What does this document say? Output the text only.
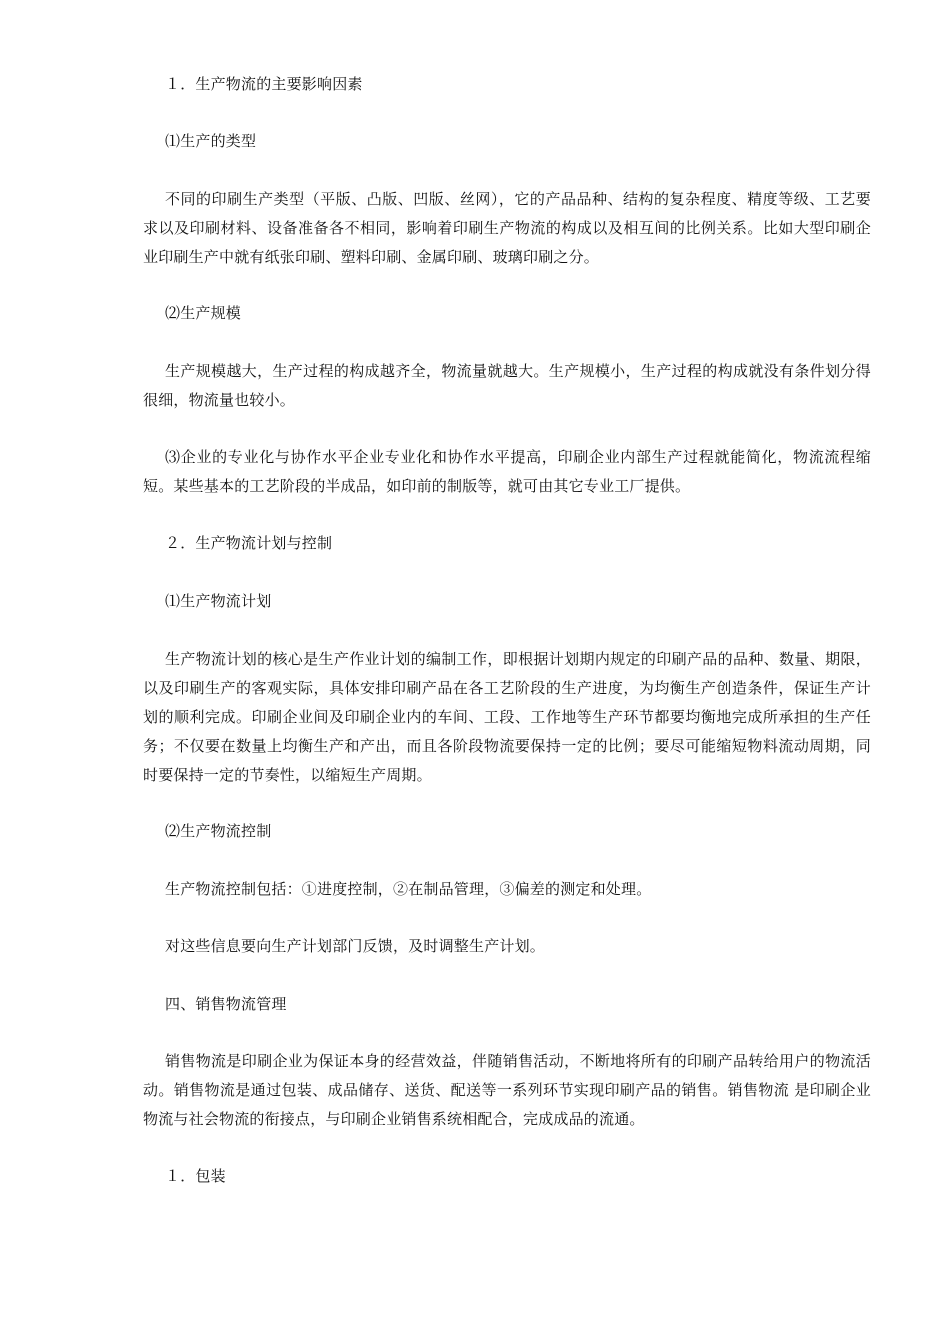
１．生产物流的主要影响因素

⑴生产的类型

不同的印刷生产类型（平版、凸版、凹版、丝网），它的产品品种、结构的复杂程度、精度等级、工艺要求以及印刷材料、设备准备各不相同，影响着印刷生产物流的构成以及相互间的比例关系。比如大型印刷企业印刷生产中就有纸张印刷、塑料印刷、金属印刷、玻璃印刷之分。

⑵生产规模

生产规模越大，生产过程的构成越齐全，物流量就越大。生产规模小，生产过程的构成就没有条件划分得很细，物流量也较小。

⑶企业的专业化与协作水平企业专业化和协作水平提高，印刷企业内部生产过程就能简化，物流流程缩短。某些基本的工艺阶段的半成品，如印前的制版等，就可由其它专业工厂提供。

２．生产物流计划与控制

⑴生产物流计划

生产物流计划的核心是生产作业计划的编制工作，即根据计划期内规定的印刷产品的品种、数量、期限，以及印刷生产的客观实际，具体安排印刷产品在各工艺阶段的生产进度，为均衡生产创造条件，保证生产计划的顺利完成。印刷企业间及印刷企业内的车间、工段、工作地等生产环节都要均衡地完成所承担的生产任务；不仅要在数量上均衡生产和产出，而且各阶段物流要保持一定的比例；要尽可能缩短物料流动周期，同时要保持一定的节奏性，以缩短生产周期。

⑵生产物流控制

生产物流控制包括：①进度控制，②在制品管理，③偏差的测定和处理。

对这些信息要向生产计划部门反馈，及时调整生产计划。

四、销售物流管理

销售物流是印刷企业为保证本身的经营效益，伴随销售活动，不断地将所有的印刷产品转给用户的物流活动。销售物流是通过包装、成品储存、送货、配送等一系列环节实现印刷产品的销售。销售物流 是印刷企业物流与社会物流的衔接点，与印刷企业销售系统相配合，完成成品的流通。

１．包装
